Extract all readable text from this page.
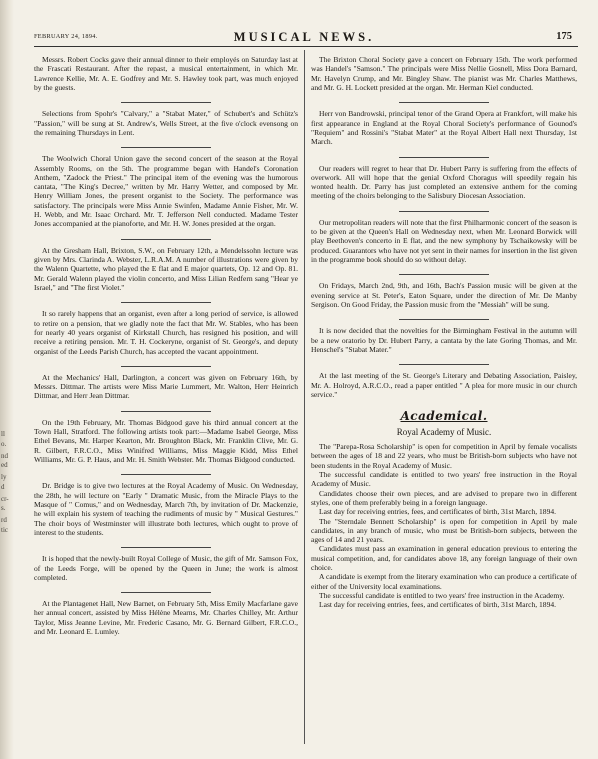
ll
o.
nd
ed
ly
d
cr-
s.
rd
tic
FEBRUARY 24, 1894.	MUSICAL NEWS.	175

Messrs. Robert Cocks gave their annual dinner to their employés on Saturday last at the Frascati Restaurant. After the repast, a musical entertainment, in which Mr. Lawrence Kellie, Mr. A. E. Godfrey and Mr. S. Hawley took part, was much enjoyed by the guests.

Selections from Spohr's "Calvary," a "Stabat Mater," of Schubert's and Schütz's "Passion," will be sung at St. Andrew's, Wells Street, at the five o'clock evensong on the remaining Thursdays in Lent.

The Woolwich Choral Union gave the second concert of the season at the Royal Assembly Rooms, on the 5th. The programme began with Handel's Coronation Anthem, "Zadock the Priest." The principal item of the evening was the humorous cantata, "The King's Decree," written by Mr. Harry Wetter, and composed by Mr. Henry William Jones, the present organist to the Society. The performance was satisfactory. The principals were Miss Annie Swinfen, Madame Annie Fisher, Mr. W. H. Webb, and Mr. Isaac Orchard. Mr. T. Jefferson Nell conducted. Madame Tester Jones accompanied at the pianoforte, and Mr. H. W. Jones presided at the organ.

At the Gresham Hall, Brixton, S.W., on February 12th, a Mendelssohn lecture was given by Mrs. Clarinda A. Webster, L.R.A.M. A number of illustrations were given by the Walenn Quartette, who played the E flat and E major quartets, Op. 12 and Op. 81. Mr. Gerald Walenn played the violin concerto, and Miss Lilian Redfern sang "Hear ye Israel," and "The first Violet."

It so rarely happens that an organist, even after a long period of service, is allowed to retire on a pension, that we gladly note the fact that Mr. W. Stables, who has been for nearly 40 years organist of Kirkstall Church, has resigned his position, and will receive a retiring pension. Mr. T. H. Cockeryne, organist of St. George's, and deputy organist of the Leeds Parish Church, has accepted the vacant appointment.

At the Mechanics' Hall, Darlington, a concert was given on February 16th, by Messrs. Dittmar. The artists were Miss Marie Lummert, Mr. Walton, Herr Heinrich Dittmar, and Herr Jean Dittmar.

On the 19th February, Mr. Thomas Bidgood gave his third annual concert at the Town Hall, Stratford. The following artists took part:—Madame Isabel George, Miss Ethel Bevans, Mr. Harper Kearton, Mr. Broughton Black, Mr. Franklin Clive, Mr. G. R. Gilbert, F.R.C.O., Miss Winifred Williams, Miss Maggie Kidd, Miss Ethel Williams, Mr. G. P. Haus, and Mr. H. Smith Webster. Mr. Thomas Bidgood conducted.

Dr. Bridge is to give two lectures at the Royal Academy of Music. On Wednesday, the 28th, he will lecture on "Early " Dramatic Music, from the Miracle Plays to the Masque of " Comus," and on Wednesday, March 7th, by invitation of Dr. Mackenzie, he will explain his system of teaching the rudiments of music by " Musical Gestures." The choir boys of Westminster will illustrate both lectures, which ought to prove of interest to the students.

It is hoped that the newly-built Royal College of Music, the gift of Mr. Samson Fox, of the Leeds Forge, will be opened by the Queen in June; the work is almost completed.

At the Plantagenet Hall, New Barnet, on February 5th, Miss Emily Macfarlane gave her annual concert, assisted by Miss Hélène Mearns, Mr. Charles Chilley, Mr. Arthur Taylor, Miss Jeanne Levine, Mr. Frederic Casano, Mr. G. Bernard Gilbert, F.R.C.O., and Mr. Leonard E. Lumley.

The Brixton Choral Society gave a concert on February 15th. The work performed was Handel's "Samson." The principals were Miss Nellie Gosnell, Miss Dora Barnard, Mr. Havelyn Crump, and Mr. Bingley Shaw. The pianist was Mr. Charles Matthews, and Mr. G. H. Lockett presided at the organ. Mr. Herman Kiel conducted.

Herr von Bandrowski, principal tenor of the Grand Opera at Frankfort, will make his first appearance in England at the Royal Choral Society's performance of Gounod's "Requiem" and Rossini's "Stabat Mater" at the Royal Albert Hall next Thursday, 1st March.

Our readers will regret to hear that Dr. Hubert Parry is suffering from the effects of overwork. All will hope that the genial Oxford Choragus will speedily regain his wonted health. Dr. Parry has just completed an extensive anthem for the coming meeting of the choirs belonging to the Salisbury Diocesan Association.

Our metropolitan readers will note that the first Philharmonic concert of the season is to be given at the Queen's Hall on Wednesday next, when Mr. Leonard Borwick will play Beethoven's concerto in E flat, and the new symphony by Tschaikowsky will be produced. Guarantors who have not yet sent in their names for insertion in the list given in the programme book should do so without delay.

On Fridays, March 2nd, 9th, and 16th, Bach's Passion music will be given at the evening service at St. Peter's, Eaton Square, under the direction of Mr. De Manby Sergison. On Good Friday, the Passion music from the "Messiah" will be sung.

It is now decided that the novelties for the Birmingham Festival in the autumn will be a new oratorio by Dr. Hubert Parry, a cantata by the late Goring Thomas, and Mr. Henschel's "Stabat Mater."

At the last meeting of the St. George's Literary and Debating Association, Paisley, Mr. A. Holroyd, A.R.C.O., read a paper entitled " A plea for more music in our church service."

Academical.
Royal Academy of Music.

The "Parepa-Rosa Scholarship" is open for competition in April by female vocalists between the ages of 18 and 22 years, who must be British-born subjects who have not been students in the Royal Academy of Music.

The successful candidate is entitled to two years' free instruction in the Royal Academy of Music.

Candidates choose their own pieces, and are advised to prepare two in different styles, one of them preferably being in a foreign language.

Last day for receiving entries, fees, and certificates of birth, 31st March, 1894.

The "Sterndale Bennett Scholarship" is open for competition in April by male candidates, in any branch of music, who must be British-born subjects, between the ages of 14 and 21 years.

Candidates must pass an examination in general education previous to entering the musical competition, and, for candidates above 18, any foreign language of their own choice.

A candidate is exempt from the literary examination who can produce a certificate of either of the University local examinations.

The successful candidate is entitled to two years' free instruction in the Academy.

Last day for receiving entries, fees, and certificates of birth, 31st March, 1894.
